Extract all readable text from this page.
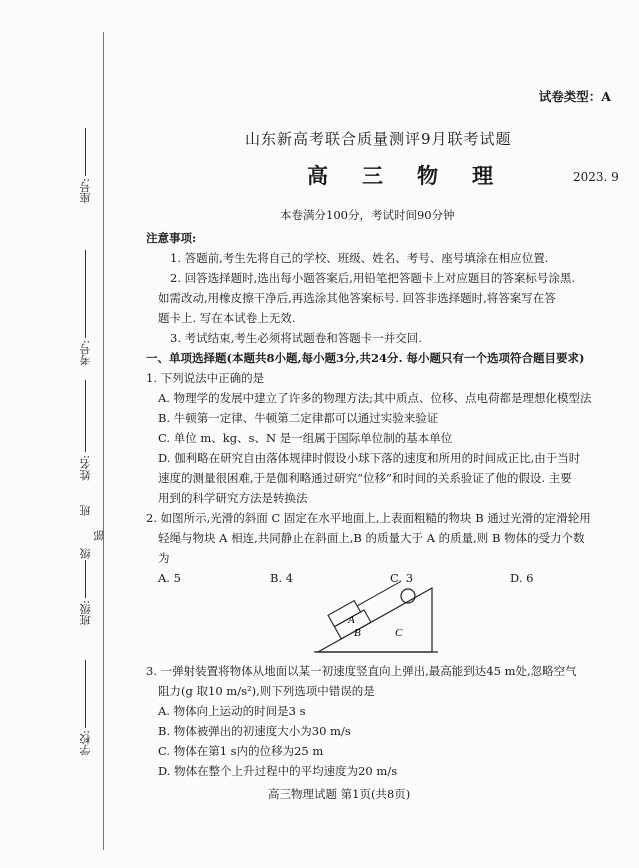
座号:
考号:
姓名:
班
级
部
班级:
学校:
试卷类型：A
山东新高考联合质量测评9月联考试题
高 三 物 理	2023. 9
本卷满分100分，考试时间90分钟
注意事项:
1. 答题前,考生先将自己的学校、班级、姓名、考号、座号填涂在相应位置.
2. 回答选择题时,选出每小题答案后,用铅笔把答题卡上对应题目的答案标号涂黑.
如需改动,用橡皮擦干净后,再选涂其他答案标号. 回答非选择题时,将答案写在答
题卡上. 写在本试卷上无效.
3. 考试结束,考生必须将试题卷和答题卡一并交回.
一、单项选择题(本题共8小题,每小题3分,共24分. 每小题只有一个选项符合题目要求)
1. 下列说法中正确的是
A. 物理学的发展中建立了许多的物理方法;其中质点、位移、点电荷都是理想化模型法
B. 牛顿第一定律、牛顿第二定律都可以通过实验来验证
C. 单位 m、kg、s、N 是一组属于国际单位制的基本单位
D. 伽利略在研究自由落体规律时假设小球下落的速度和所用的时间成正比,由于当时
速度的测量很困难,于是伽利略通过研究“位移”和时间的关系验证了他的假设. 主要
用到的科学研究方法是转换法
2. 如图所示,光滑的斜面 C 固定在水平地面上,上表面粗糙的物块 B 通过光滑的定滑轮用
轻绳与物块 A 相连,共同静止在斜面上,B 的质量大于 A 的质量,则 B 物体的受力个数
为
A. 5	B. 4	C. 3	D. 6
A
B	C
3. 一弹射装置将物体从地面以某一初速度竖直向上弹出,最高能到达45 m处,忽略空气
阻力(g 取10 m/s²),则下列选项中错误的是
A. 物体向上运动的时间是3 s
B. 物体被弹出的初速度大小为30 m/s
C. 物体在第1 s内的位移为25 m
D. 物体在整个上升过程中的平均速度为20 m/s
高三物理试题 第1页(共8页)
